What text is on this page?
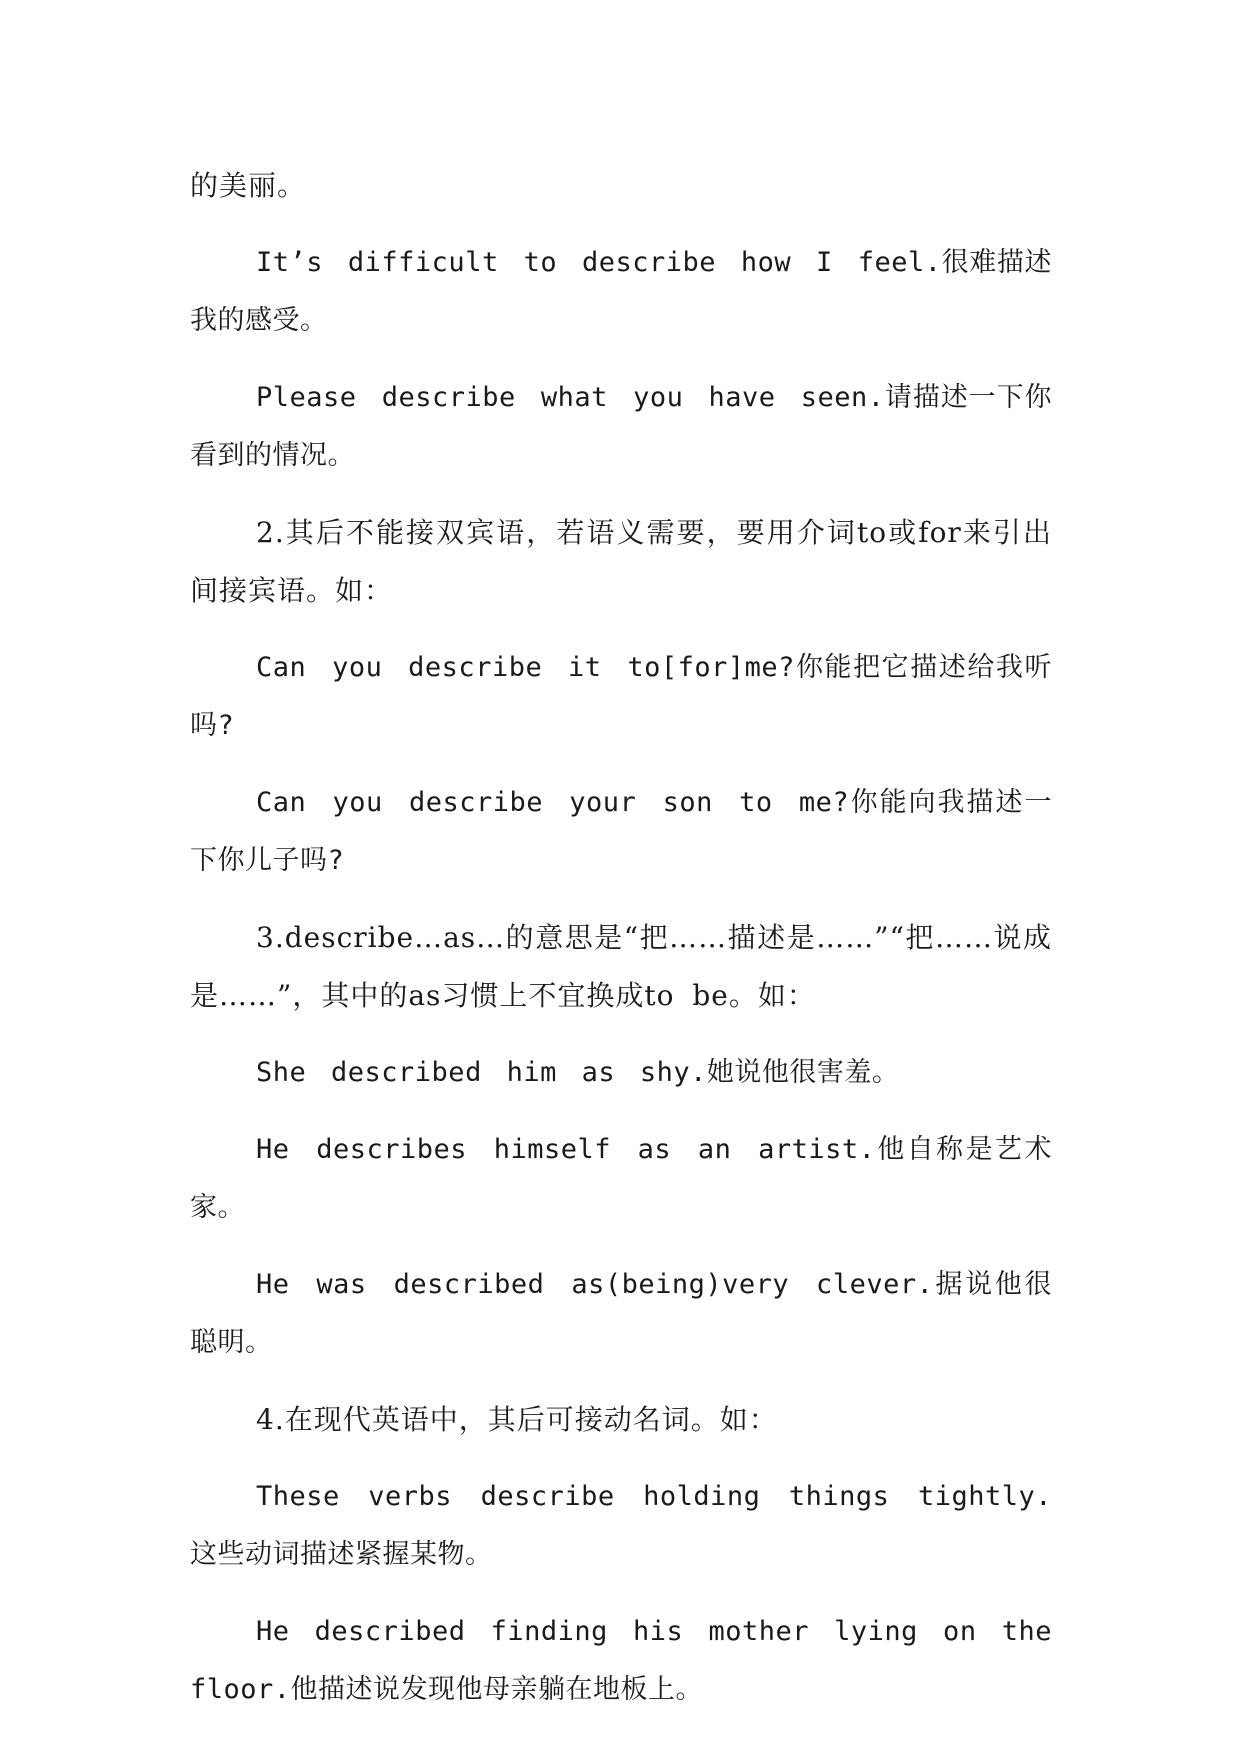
的美丽。

It’s difficult to describe how I feel.很难描述我的感受。

Please describe what you have seen.请描述一下你看到的情况。

2.其后不能接双宾语，若语义需要，要用介词to或for来引出间接宾语。如：

Can you describe it to[for]me?你能把它描述给我听吗?

Can you describe your son to me?你能向我描述一下你儿子吗?

3.describe…as…的意思是“把……描述是……”“把……说成是……”，其中的as习惯上不宜换成to be。如：

She described him as shy.她说他很害羞。

He describes himself as an artist.他自称是艺术家。

He was described as(being)very clever.据说他很聪明。

4.在现代英语中，其后可接动名词。如：

These verbs describe holding things tightly.这些动词描述紧握某物。

He described finding his mother lying on the floor.他描述说发现他母亲躺在地板上。
